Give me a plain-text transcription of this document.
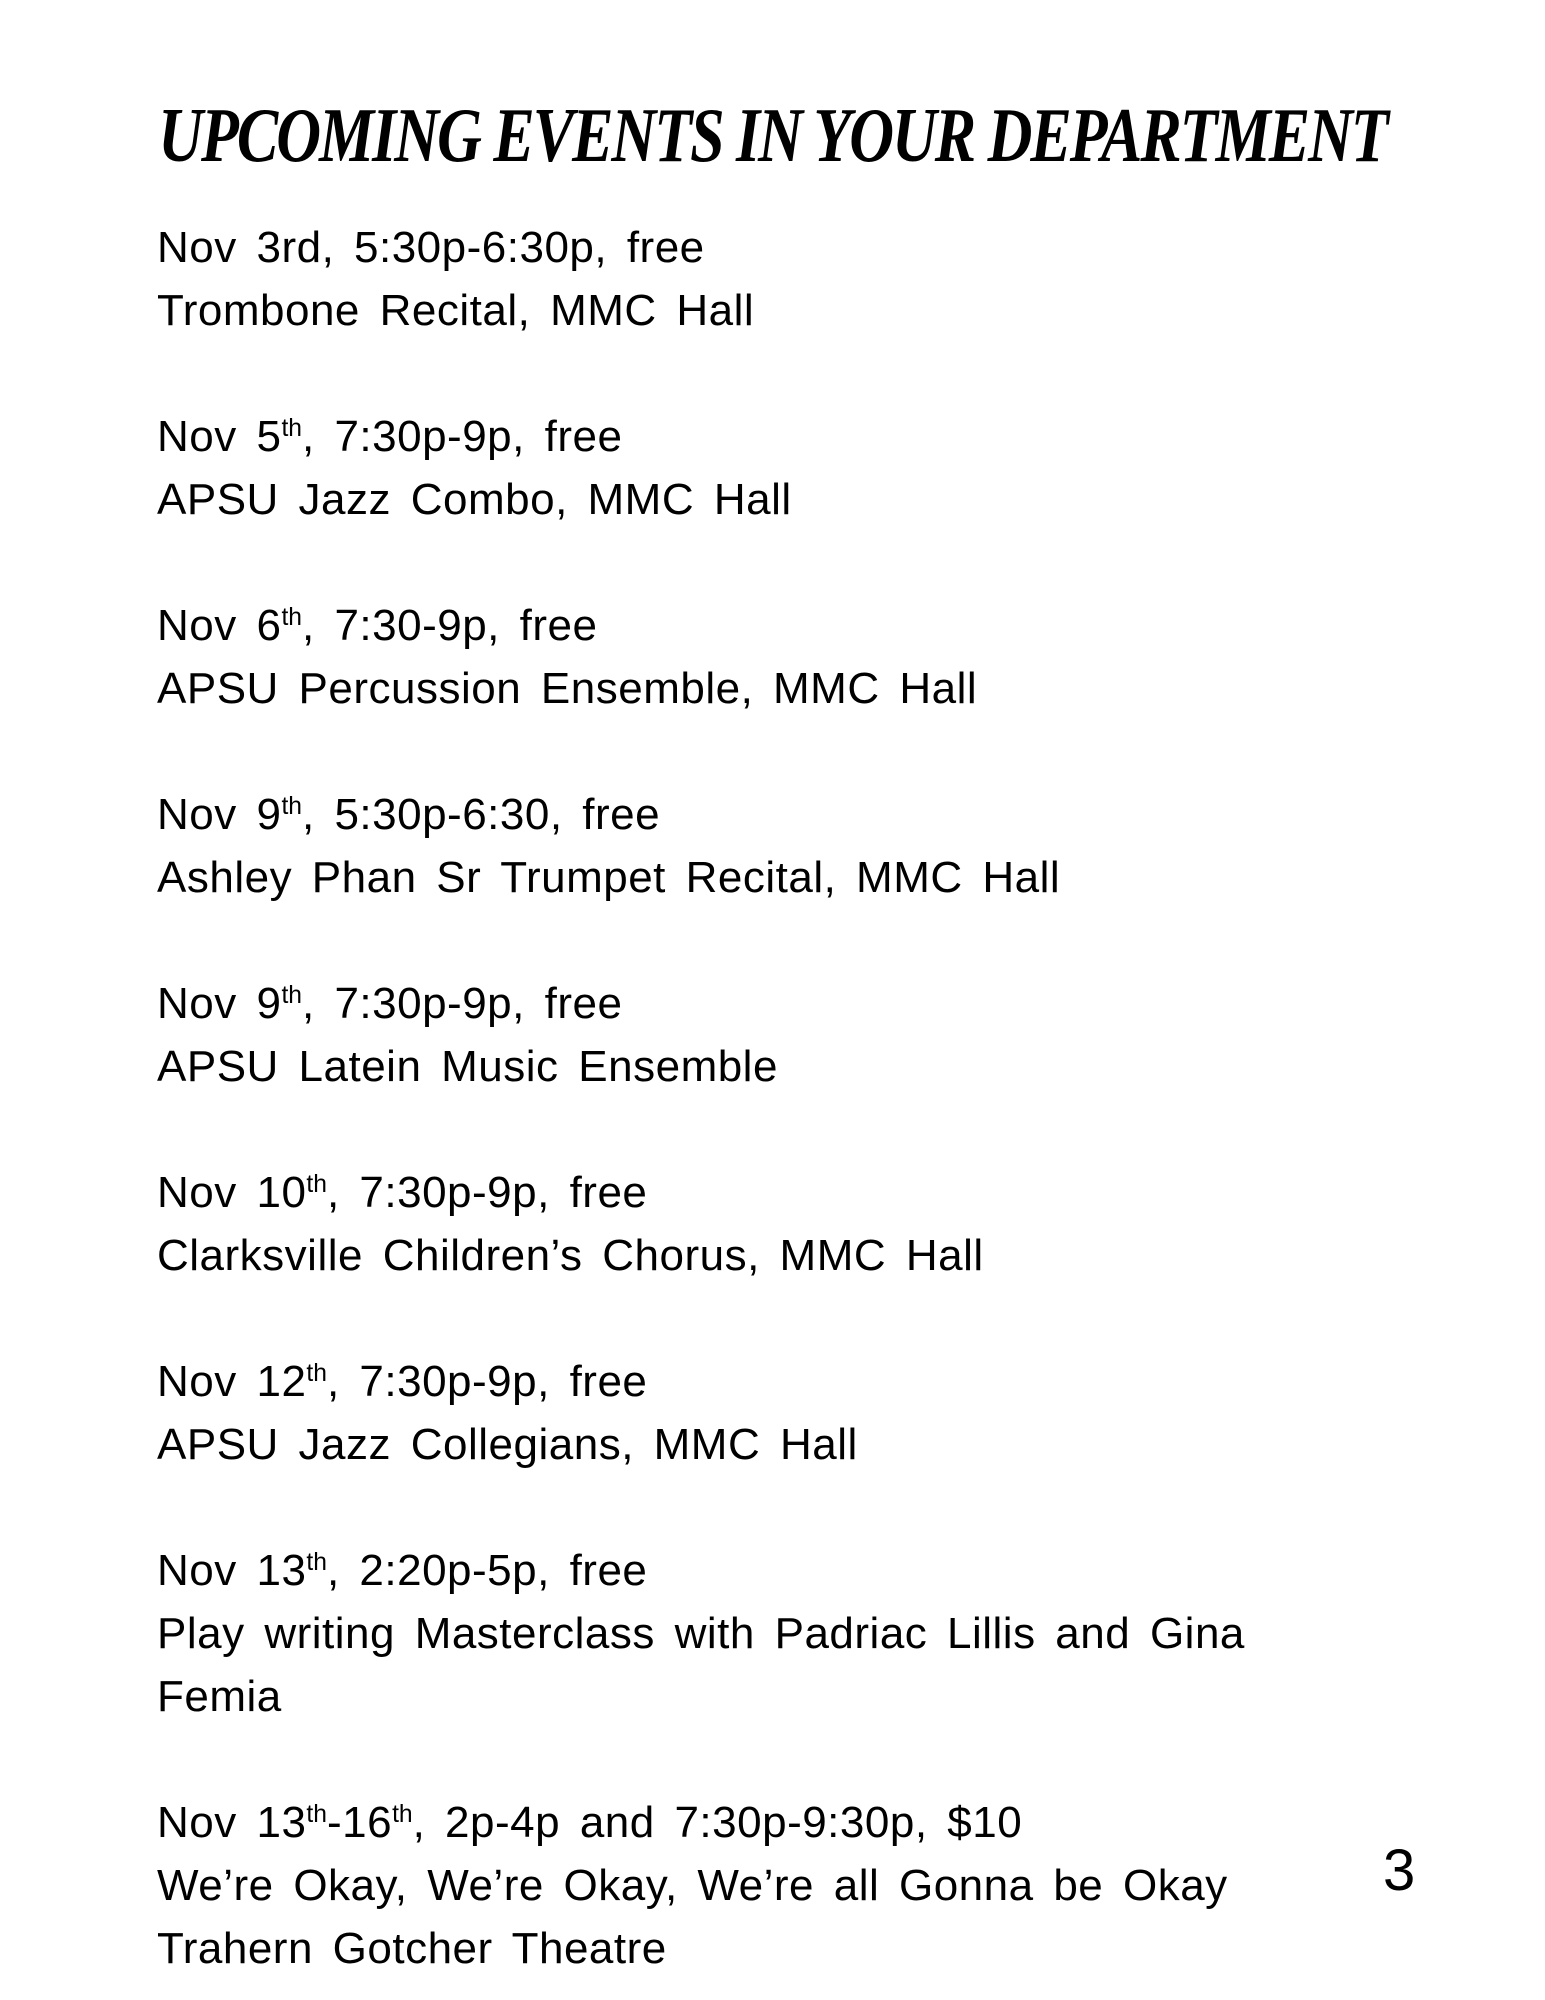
UPCOMING EVENTS IN YOUR DEPARTMENT
Nov 3rd, 5:30p-6:30p, free
Trombone Recital, MMC Hall
Nov 5th, 7:30p-9p, free
APSU Jazz Combo, MMC Hall
Nov 6th, 7:30-9p, free
APSU Percussion Ensemble, MMC Hall
Nov 9th, 5:30p-6:30, free
Ashley Phan Sr Trumpet Recital, MMC Hall
Nov 9th, 7:30p-9p, free
APSU Latein Music Ensemble
Nov 10th, 7:30p-9p, free
Clarksville Children’s Chorus, MMC Hall
Nov 12th, 7:30p-9p, free
APSU Jazz Collegians, MMC Hall
Nov 13th, 2:20p-5p, free
Play writing Masterclass with Padriac Lillis and Gina
Femia
Nov 13th-16th, 2p-4p and 7:30p-9:30p, $10
We’re Okay, We’re Okay, We’re all Gonna be Okay
Trahern Gotcher Theatre
3
